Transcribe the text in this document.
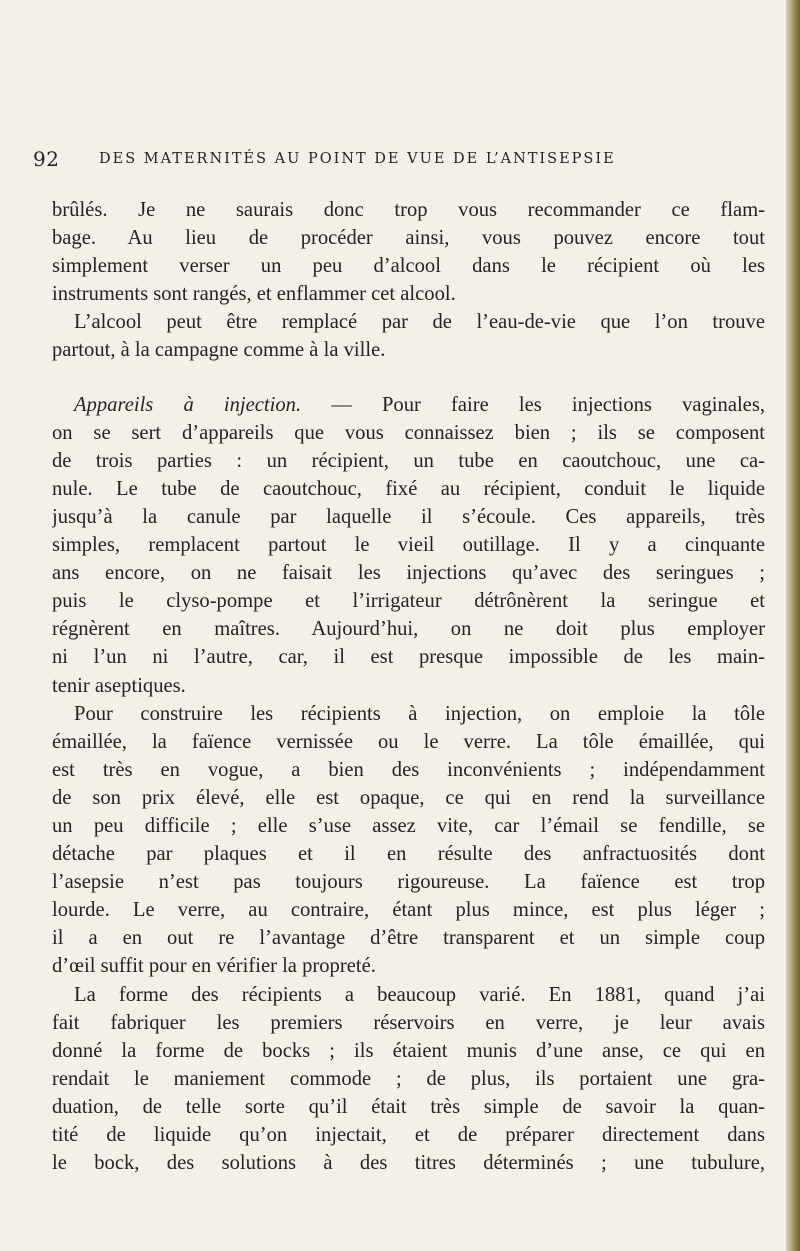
92	DES MATERNITÉS AU POINT DE VUE DE L’ANTISEPSIE
brûlés. Je ne saurais donc trop vous recommander ce flam-
bage. Au lieu de procéder ainsi, vous pouvez encore tout
simplement verser un peu d’alcool dans le récipient où les
instruments sont rangés, et enflammer cet alcool.
L’alcool peut être remplacé par de l’eau-de-vie que l’on trouve
partout, à la campagne comme à la ville.
Appareils à injection. — Pour faire les injections vaginales,
on se sert d’appareils que vous connaissez bien ; ils se composent
de trois parties : un récipient, un tube en caoutchouc, une ca-
nule. Le tube de caoutchouc, fixé au récipient, conduit le liquide
jusqu’à la canule par laquelle il s’écoule. Ces appareils, très
simples, remplacent partout le vieil outillage. Il y a cinquante
ans encore, on ne faisait les injections qu’avec des seringues ;
puis le clyso-pompe et l’irrigateur détrônèrent la seringue et
régnèrent en maîtres. Aujourd’hui, on ne doit plus employer
ni l’un ni l’autre, car, il est presque impossible de les main-
tenir aseptiques.
Pour construire les récipients à injection, on emploie la tôle
émaillée, la faïence vernissée ou le verre. La tôle émaillée, qui
est très en vogue, a bien des inconvénients ; indépendamment
de son prix élevé, elle est opaque, ce qui en rend la surveillance
un peu difficile ; elle s’use assez vite, car l’émail se fendille, se
détache par plaques et il en résulte des anfractuosités dont
l’asepsie n’est pas toujours rigoureuse. La faïence est trop
lourde. Le verre, au contraire, étant plus mince, est plus léger ;
il a en out re l’avantage d’être transparent et un simple coup
d’œil suffit pour en vérifier la propreté.
La forme des récipients a beaucoup varié. En 1881, quand j’ai
fait fabriquer les premiers réservoirs en verre, je leur avais
donné la forme de bocks ; ils étaient munis d’une anse, ce qui en
rendait le maniement commode ; de plus, ils portaient une gra-
duation, de telle sorte qu’il était très simple de savoir la quan-
tité de liquide qu’on injectait, et de préparer directement dans
le bock, des solutions à des titres déterminés ; une tubulure,
